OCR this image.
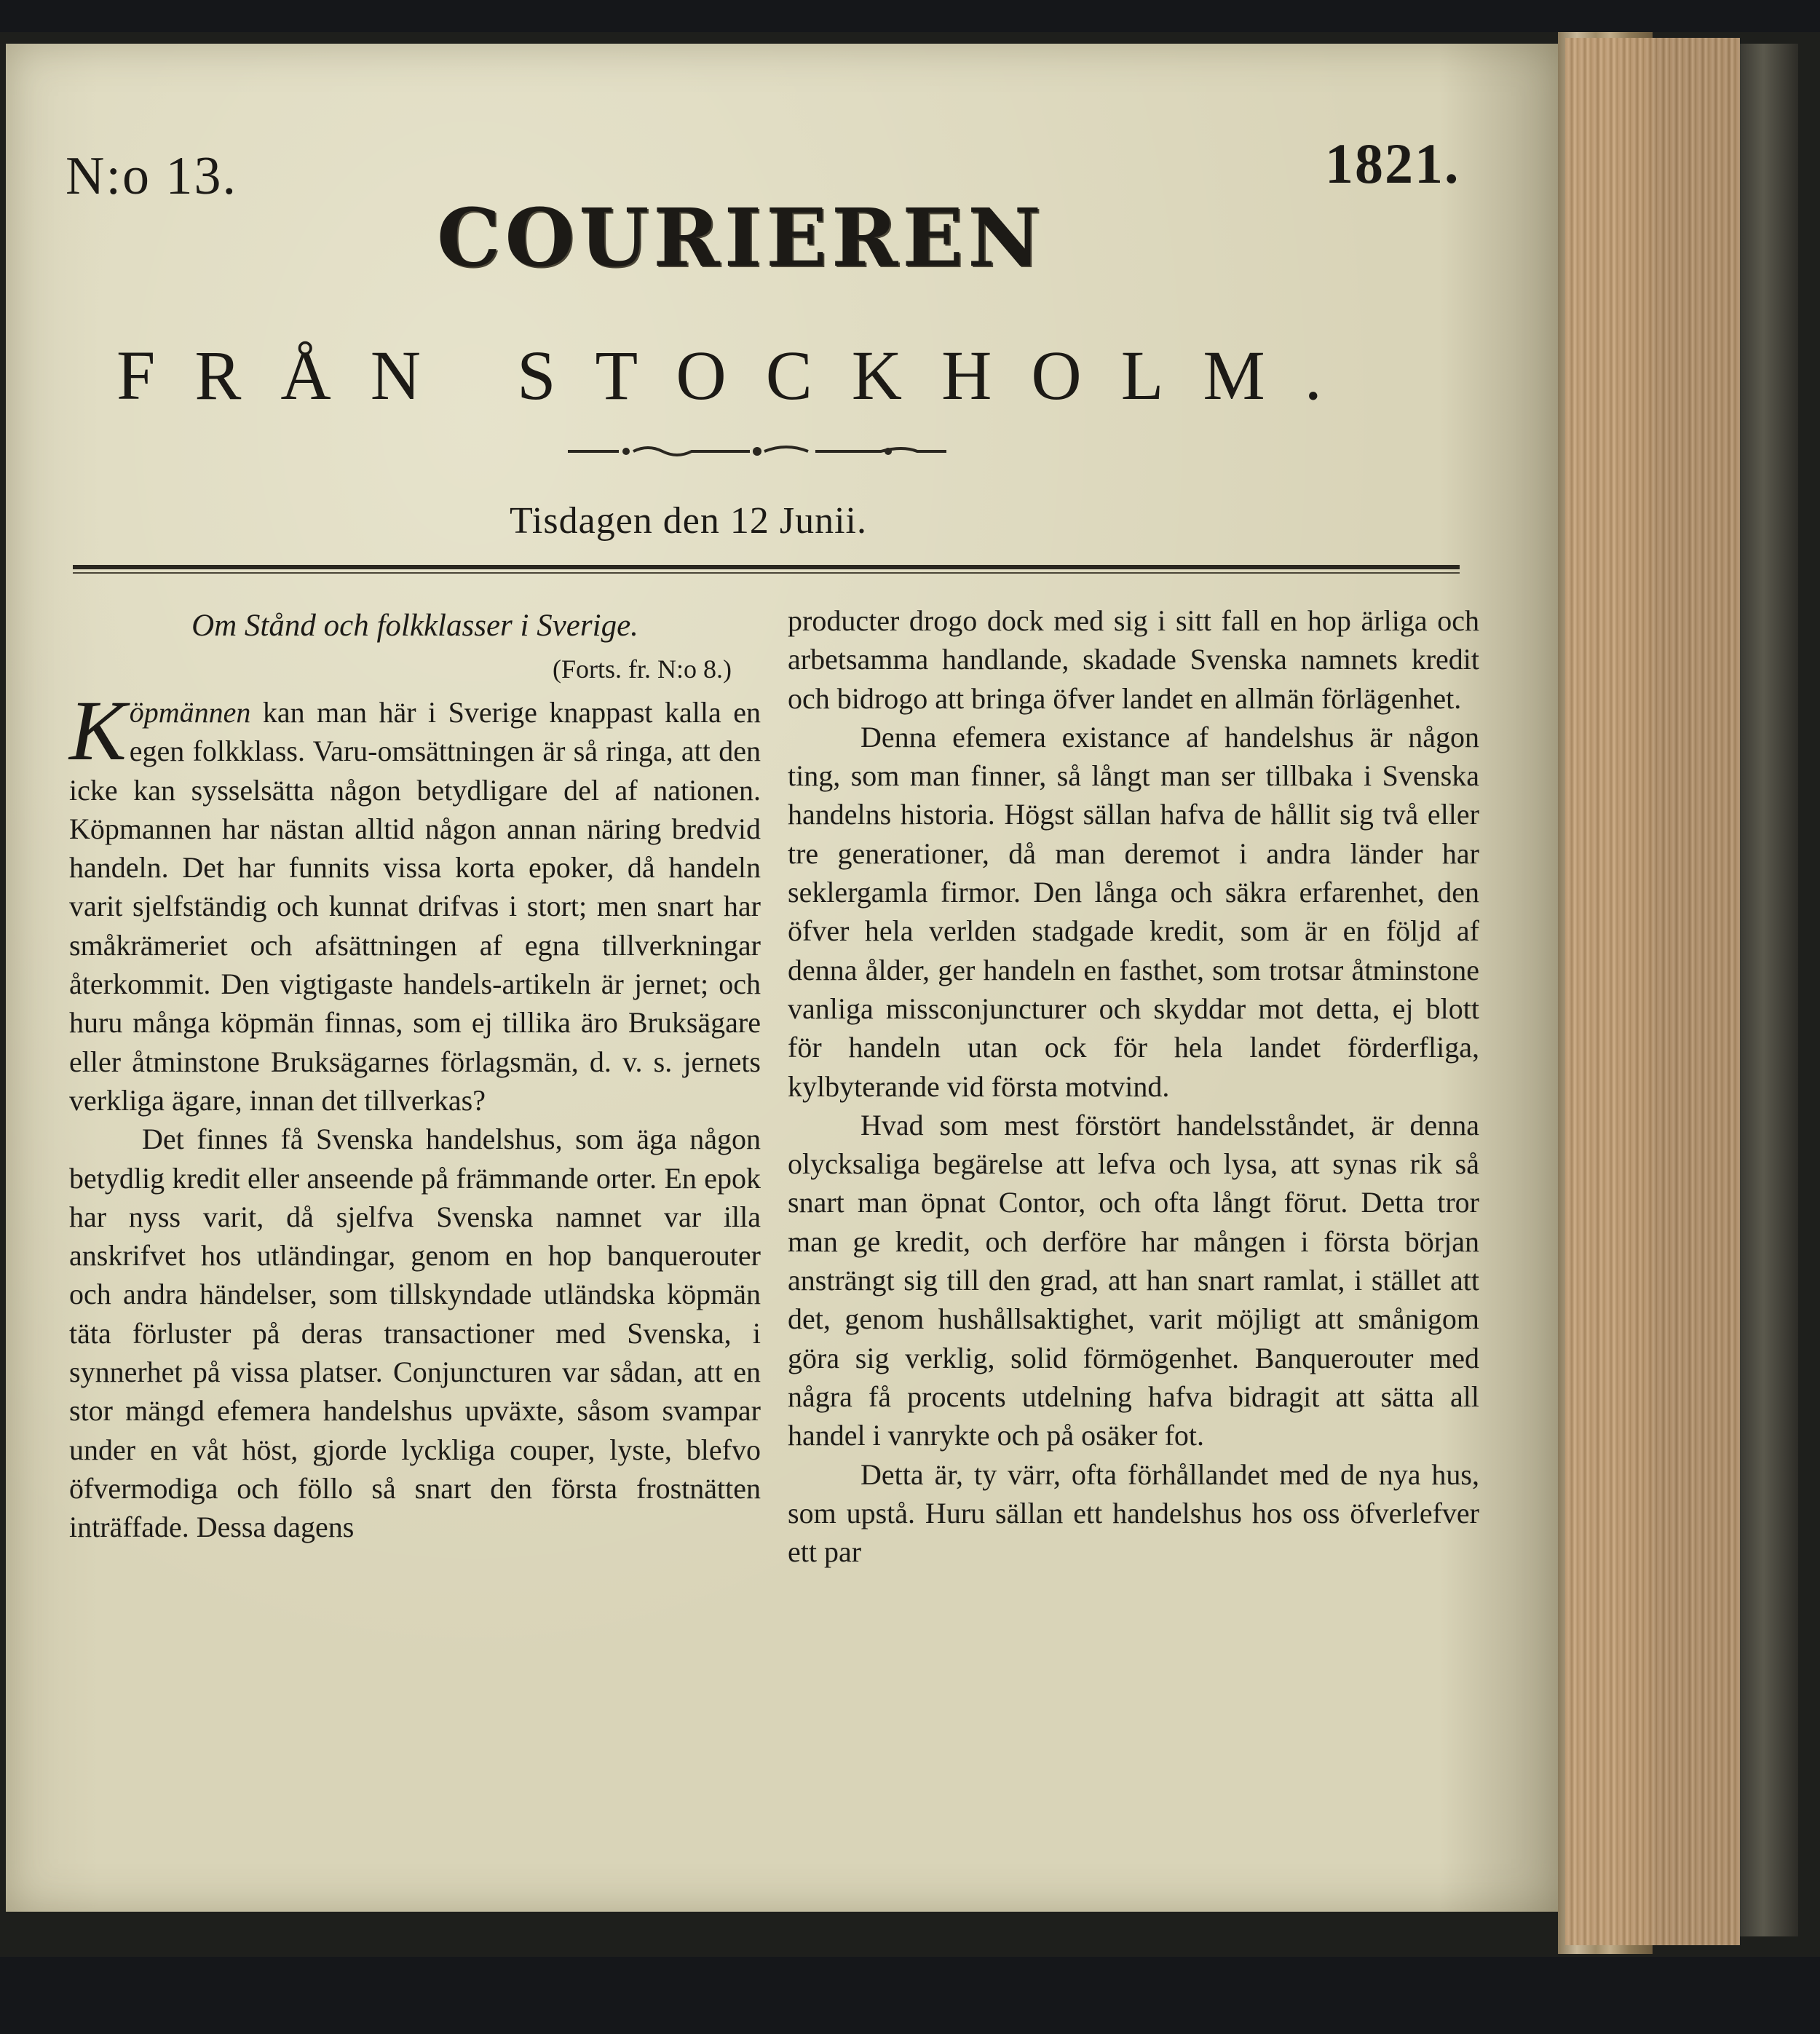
N:o 13.	1821.
COURIEREN
FRÅN STOCKHOLM.
Tisdagen den 12 Junii.
Om Stånd och folkklasser i Sverige.
(Forts. fr. N:o 8.)

Köpmännen kan man här i Sverige knappast kalla en egen folkklass. Varu-omsättningen är så ringa, att den icke kan sysselsätta någon betydligare del af nationen. Köpmannen har nästan alltid någon annan näring bredvid handeln. Det har funnits vissa korta epoker, då handeln varit sjelfständig och kunnat drifvas i stort; men snart har småkrämeriet och afsättningen af egna tillverkningar återkommit. Den vigtigaste handels-artikeln är jernet; och huru många köpmän finnas, som ej tillika äro Bruksägare eller åtminstone Bruksägarnes förlagsmän, d. v. s. jernets verkliga ägare, innan det tillverkas?

Det finnes få Svenska handelshus, som äga någon betydlig kredit eller anseende på främmande orter. En epok har nyss varit, då sjelfva Svenska namnet var illa anskrifvet hos utländingar, genom en hop banquerouter och andra händelser, som tillskyndade utländska köpmän täta förluster på deras transactioner med Svenska, i synnerhet på vissa platser. Conjuncturen var sådan, att en stor mängd efemera handelshus upväxte, såsom svampar under en våt höst, gjorde lyckliga couper, lyste, blefvo öfvermodiga och föllo så snart den första frostnätten inträffade. Dessa dagens

producter drogo dock med sig i sitt fall en hop ärliga och arbetsamma handlande, skadade Svenska namnets kredit och bidrogo att bringa öfver landet en allmän förlägenhet.

Denna efemera existance af handelshus är någon ting, som man finner, så långt man ser tillbaka i Svenska handelns historia. Högst sällan hafva de hållit sig två eller tre generationer, då man deremot i andra länder har seklergamla firmor. Den långa och säkra erfarenhet, den öfver hela verlden stadgade kredit, som är en följd af denna ålder, ger handeln en fasthet, som trotsar åtminstone vanliga missconjuncturer och skyddar mot detta, ej blott för handeln utan ock för hela landet förderfliga, kylbyterande vid första motvind.

Hvad som mest förstört handelsståndet, är denna olycksaliga begärelse att lefva och lysa, att synas rik så snart man öpnat Contor, och ofta långt förut. Detta tror man ge kredit, och derföre har mången i första början ansträngt sig till den grad, att han snart ramlat, i stället att det, genom hushållsaktighet, varit möjligt att smånigom göra sig verklig, solid förmögenhet. Banquerouter med några få procents utdelning hafva bidragit att sätta all handel i vanrykte och på osäker fot.

Detta är, ty värr, ofta förhållandet med de nya hus, som upstå. Huru sällan ett handelshus hos oss öfverlefver ett par
